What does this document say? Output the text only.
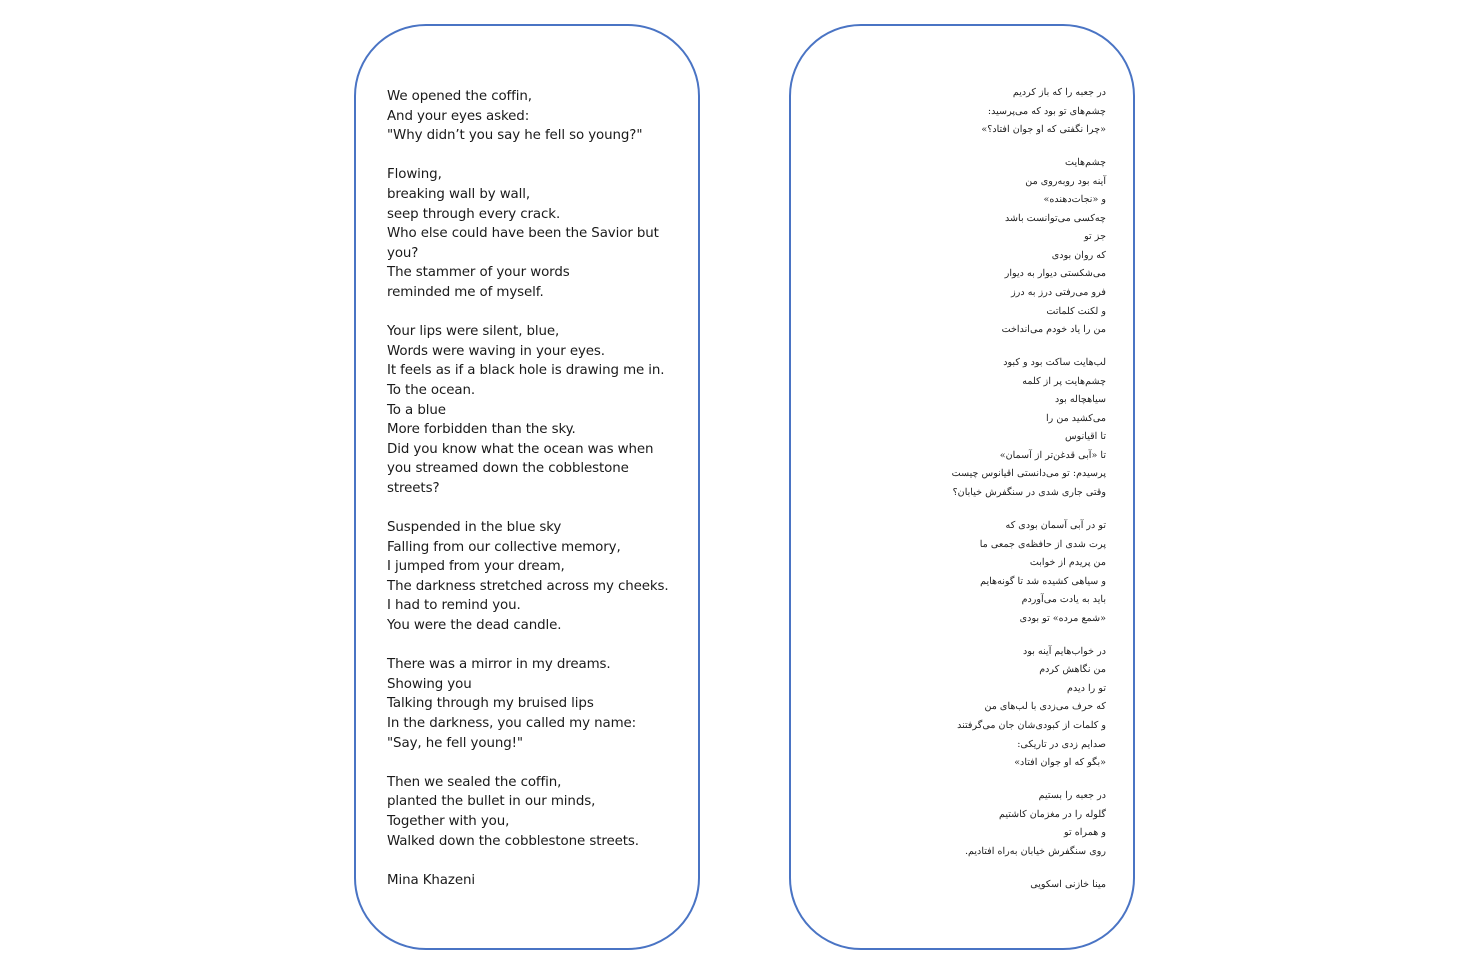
We opened the coffin,
And your eyes asked:
"Why didn’t you say he fell so young?"
Flowing,
breaking wall by wall,
seep through every crack.
Who else could have been the Savior but you?
The stammer of your words
reminded me of myself.
Your lips were silent, blue,
Words were waving in your eyes.
It feels as if a black hole is drawing me in.
To the ocean.
To a blue
More forbidden than the sky.
Did you know what the ocean was when you streamed down the cobblestone streets?
Suspended in the blue sky
Falling from our collective memory,
I jumped from your dream,
The darkness stretched across my cheeks.
I had to remind you.
You were the dead candle.
There was a mirror in my dreams.
Showing you
Talking through my bruised lips
In the darkness, you called my name:
"Say, he fell young!"
Then we sealed the coffin,
planted the bullet in our minds,
Together with you,
Walked down the cobblestone streets.

Mina Khazeni

در جعبه را که باز کردیم
چشم‌های تو بود که می‌پرسید:
«چرا نگفتی که او جوان افتاد؟»
چشم‌هایت
آینه بود روبه‌روی من
و «نجات‌دهنده»
چه‌کسی می‌توانست باشد
جز تو
که روان بودی
می‌شکستی دیوار به دیوار
فرو می‌رفتی درز به درز
و لکنت کلماتت
من را یاد خودم می‌انداخت
لب‌هایت ساکت بود و کبود
چشم‌هایت پر از کلمه
سیاهچاله بود
می‌کشید من را
تا اقیانوس
تا «آبی قدغن‌تر از آسمان»
پرسیدم: تو می‌دانستی اقیانوس چیست
وقتی جاری شدی در سنگفرش خیابان؟
تو در آبی آسمان بودی که
پرت شدی از حافظه‌ی جمعی ما
من پریدم از خوابت
و سیاهی کشیده شد تا گونه‌هایم
باید به یادت می‌آوردم
«شمع مرده» تو بودی
در خواب‌هایم آینه بود
من نگاهش کردم
تو را دیدم
که حرف می‌زدی با لب‌های من
و کلمات از کبودی‌شان جان می‌گرفتند
صدایم زدی در تاریکی:
«بگو که او جوان افتاد»
در جعبه را بستیم
گلوله را در مغزمان کاشتیم
و همراه تو
روی سنگفرش خیابان به‌راه افتادیم.

مینا خازنی اسکویی
